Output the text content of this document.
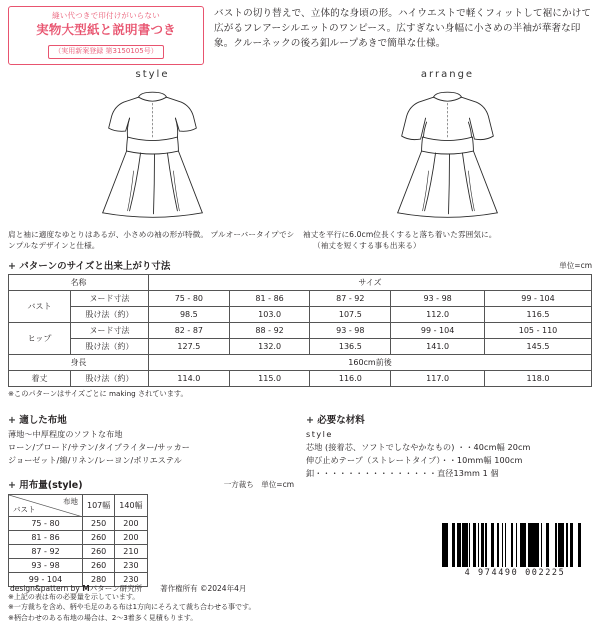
縫い代つきで印付けがいらない
実物大型紙と説明書つき
（実用新案登録 第3150105号）
バストの切り替えで、立体的な身頃の形。ハイウエストで軽くフィットして裾にかけて広がるフレアーシルエットのワンピース。広すぎない身幅に小さめの半袖が華奢な印象。クルーネックの後ろ釦ループあきで簡単な仕様。
style
肩と袖に適度なゆとりはあるが、小さめの袖の形が特徴。 プルオーバータイプでシンプルなデザインと仕様。
arrange
袖丈を平行に6.0cm位長くすると落ち着いた雰囲気に。
（袖丈を短くする事も出来る）
+ パターンのサイズと出来上がり寸法	単位=cm
名称		サイズ				
バスト	ヌード寸法	75 - 80	81 - 86	87 - 92	93 - 98	99 - 104
	股け法（約）	98.5	103.0	107.5	112.0	116.5
ヒップ	ヌード寸法	82 - 87	88 - 92	93 - 98	99 - 104	105 - 110
	股け法（約）	127.5	132.0	136.5	141.0	145.5
身長		160cm前後				
着丈	股け法（約）	114.0	115.0	116.0	117.0	118.0
※このパターンはサイズごとに making されています。
+ 適した布地
薄地～中厚程度のソフトな布地
ローン/ブロード/サテン/タイプライター/サッカー
ジョーゼット/綿/リネン/レーヨン/ポリエステル
+ 用布量(style)	一方裁ち　単位=cm
布地
バスト	107幅	140幅
75 - 80	250	200
81 - 86	260	200
87 - 92	260	210
93 - 98	260	230
99 - 104	280	230
+ 必要な材料
style
芯地 (接着芯、ソフトでしなやかなもの) ・・40cm幅 20cm
伸び止めテープ（ストレートタイプ）・・10mm幅 100cm
釦・・・・・・・・・・・・・・・直径13mm 1 個
※上記の表は布の必要量を示しています。
※一方裁ちを含め、柄や毛足のある布は1方向にそろえて裁ち合わせる事です。
※柄合わせのある布地の場合は、2～3着多く見積もります。
4 974490 002225
design&pattern by Mパターン研究所 著作権所有 ©2024年4月
